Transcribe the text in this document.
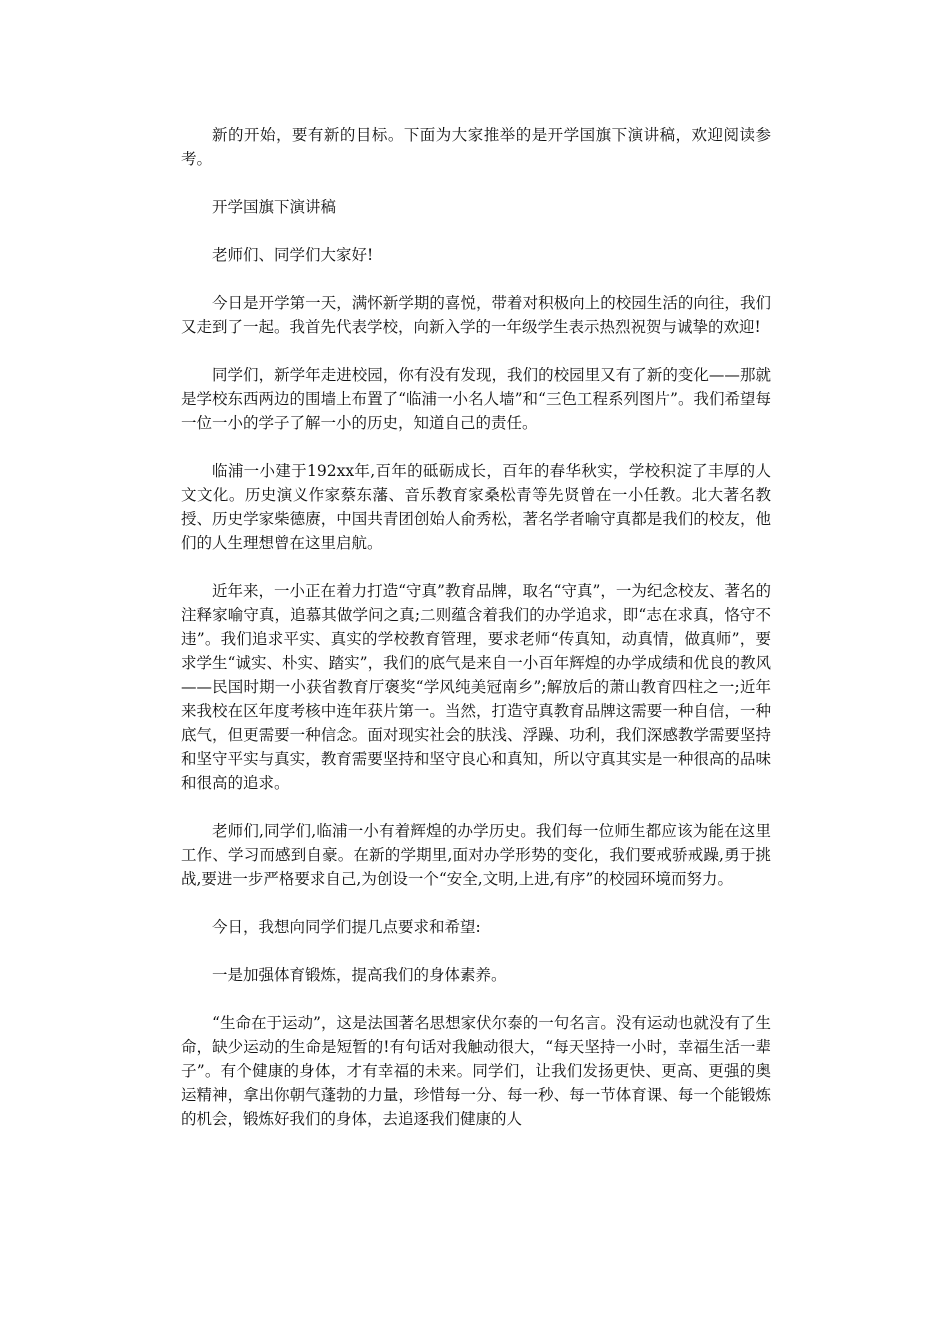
新的开始，要有新的目标。下面为大家推举的是开学国旗下演讲稿，欢迎阅读参考。

开学国旗下演讲稿

老师们、同学们大家好!

今日是开学第一天，满怀新学期的喜悦，带着对积极向上的校园生活的向往，我们又走到了一起。我首先代表学校，向新入学的一年级学生表示热烈祝贺与诚挚的欢迎!

同学们，新学年走进校园，你有没有发现，我们的校园里又有了新的变化——那就是学校东西两边的围墙上布置了“临浦一小名人墙”和“三色工程系列图片”。我们希望每一位一小的学子了解一小的历史，知道自己的责任。

临浦一小建于192xx年,百年的砥砺成长，百年的春华秋实，学校积淀了丰厚的人文文化。历史演义作家蔡东藩、音乐教育家桑松青等先贤曾在一小任教。北大著名教授、历史学家柴德赓，中国共青团创始人俞秀松，著名学者喻守真都是我们的校友，他们的人生理想曾在这里启航。

近年来，一小正在着力打造“守真”教育品牌，取名“守真”，一为纪念校友、著名的注释家喻守真，追慕其做学问之真;二则蕴含着我们的办学追求，即“志在求真，恪守不违”。我们追求平实、真实的学校教育管理，要求老师“传真知，动真情，做真师”，要求学生“诚实、朴实、踏实”，我们的底气是来自一小百年辉煌的办学成绩和优良的教风——民国时期一小获省教育厅褒奖“学风纯美冠南乡”;解放后的萧山教育四柱之一;近年来我校在区年度考核中连年获片第一。当然，打造守真教育品牌这需要一种自信，一种底气，但更需要一种信念。面对现实社会的肤浅、浮躁、功利，我们深感教学需要坚持和坚守平实与真实，教育需要坚持和坚守良心和真知，所以守真其实是一种很高的品味和很高的追求。

老师们,同学们,临浦一小有着辉煌的办学历史。我们每一位师生都应该为能在这里工作、学习而感到自豪。在新的学期里,面对办学形势的变化，我们要戒骄戒躁,勇于挑战,要进一步严格要求自己,为创设一个“安全,文明,上进,有序”的校园环境而努力。

今日，我想向同学们提几点要求和希望:

一是加强体育锻炼，提高我们的身体素养。

“生命在于运动”，这是法国著名思想家伏尔泰的一句名言。没有运动也就没有了生命，缺少运动的生命是短暂的!有句话对我触动很大，“每天坚持一小时，幸福生活一辈子”。有个健康的身体，才有幸福的未来。同学们，让我们发扬更快、更高、更强的奥运精神，拿出你朝气蓬勃的力量，珍惜每一分、每一秒、每一节体育课、每一个能锻炼的机会，锻炼好我们的身体，去追逐我们健康的人
